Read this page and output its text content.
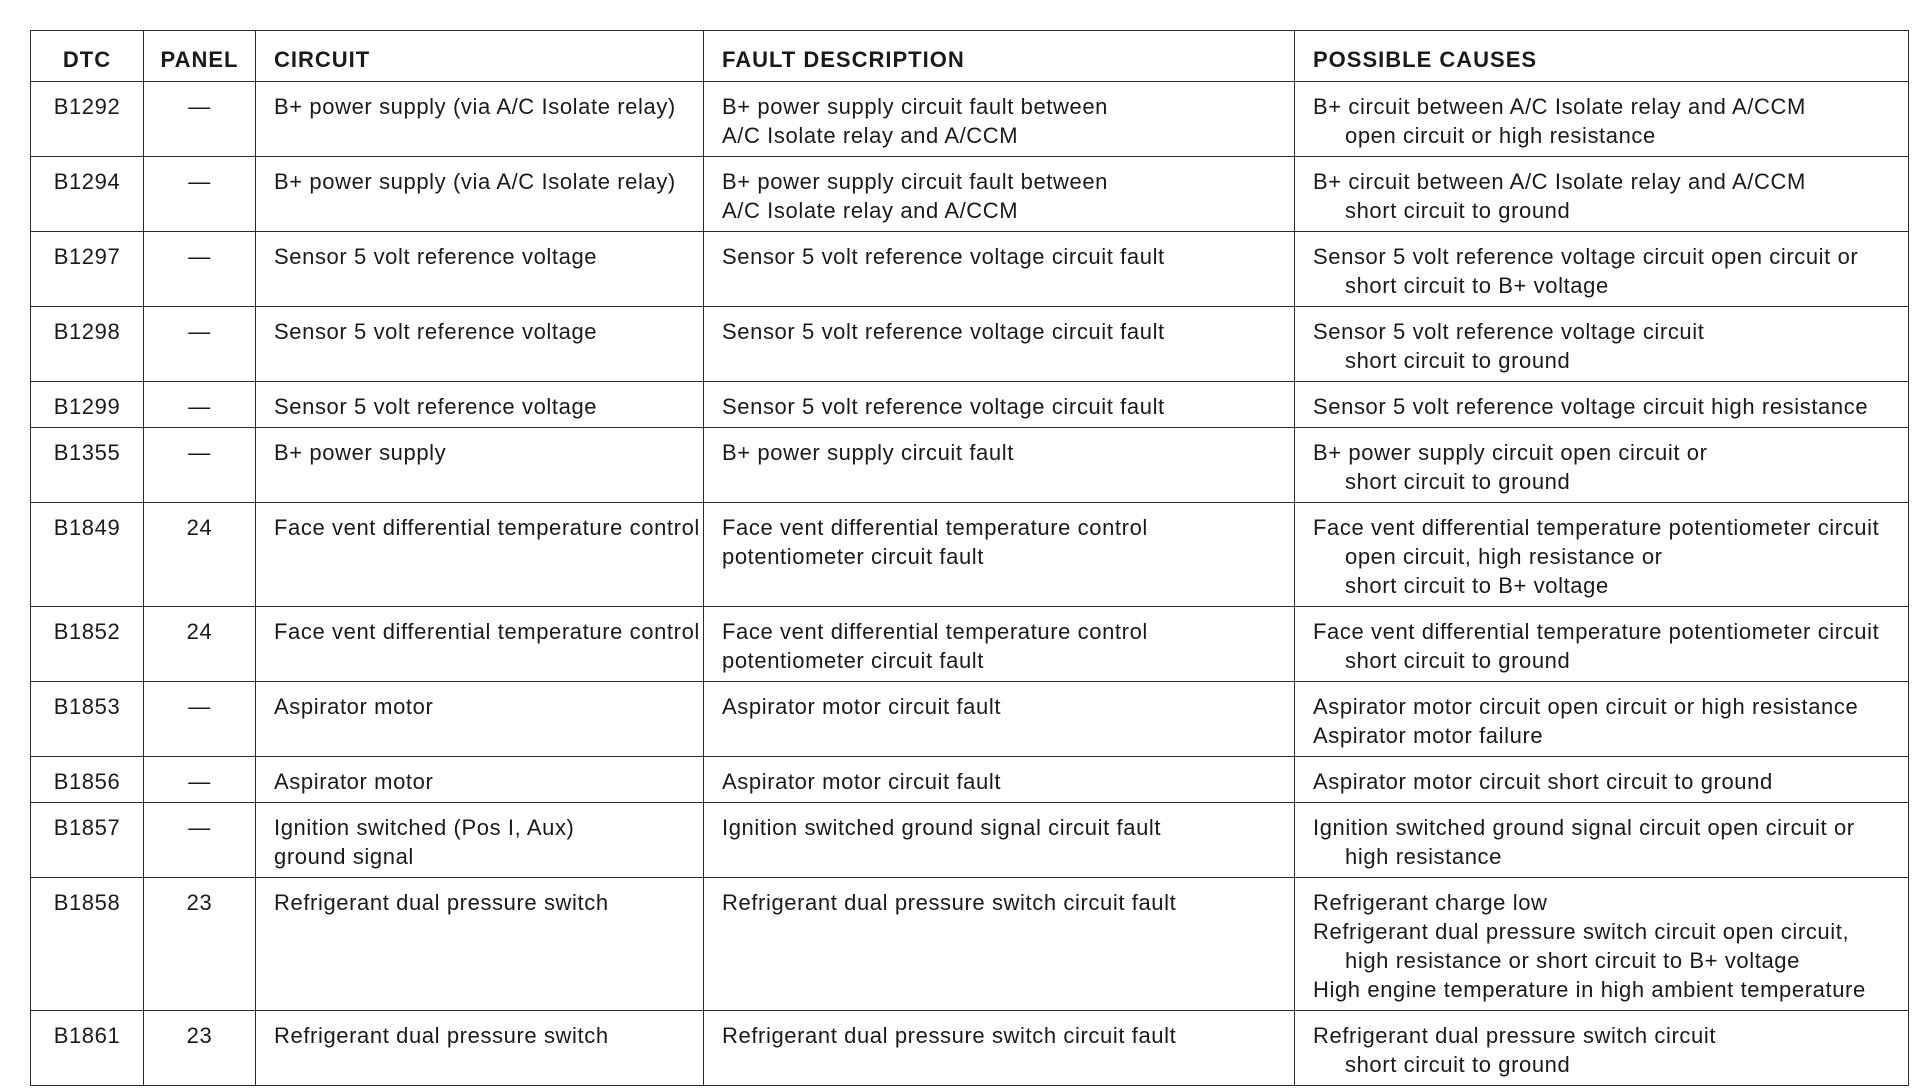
DTC	PANEL	CIRCUIT	FAULT DESCRIPTION	POSSIBLE CAUSES
B1292	—	B+ power supply (via A/C Isolate relay)	B+ power supply circuit fault between
A/C Isolate relay and A/CCM	B+ circuit between A/C Isolate relay and A/CCM
open circuit or high resistance

B1294	—	B+ power supply (via A/C Isolate relay)	B+ power supply circuit fault between
A/C Isolate relay and A/CCM	B+ circuit between A/C Isolate relay and A/CCM
short circuit to ground

B1297	—	Sensor 5 volt reference voltage	Sensor 5 volt reference voltage circuit fault	Sensor 5 volt reference voltage circuit open circuit or
short circuit to B+ voltage

B1298	—	Sensor 5 volt reference voltage	Sensor 5 volt reference voltage circuit fault	Sensor 5 volt reference voltage circuit
short circuit to ground

B1299	—	Sensor 5 volt reference voltage	Sensor 5 volt reference voltage circuit fault	Sensor 5 volt reference voltage circuit high resistance

B1355	—	B+ power supply	B+ power supply circuit fault	B+ power supply circuit open circuit or
short circuit to ground

B1849	24	Face vent differential temperature control	Face vent differential temperature control
potentiometer circuit fault	Face vent differential temperature potentiometer circuit
open circuit, high resistance or
short circuit to B+ voltage

B1852	24	Face vent differential temperature control	Face vent differential temperature control
potentiometer circuit fault	Face vent differential temperature potentiometer circuit
short circuit to ground

B1853	—	Aspirator motor	Aspirator motor circuit fault	Aspirator motor circuit open circuit or high resistance
Aspirator motor failure

B1856	—	Aspirator motor	Aspirator motor circuit fault	Aspirator motor circuit short circuit to ground

B1857	—	Ignition switched (Pos I, Aux)
ground signal	Ignition switched ground signal circuit fault	Ignition switched ground signal circuit open circuit or
high resistance

B1858	23	Refrigerant dual pressure switch	Refrigerant dual pressure switch circuit fault	Refrigerant charge low
Refrigerant dual pressure switch circuit open circuit,
high resistance or short circuit to B+ voltage
High engine temperature in high ambient temperature

B1861	23	Refrigerant dual pressure switch	Refrigerant dual pressure switch circuit fault	Refrigerant dual pressure switch circuit
short circuit to ground
